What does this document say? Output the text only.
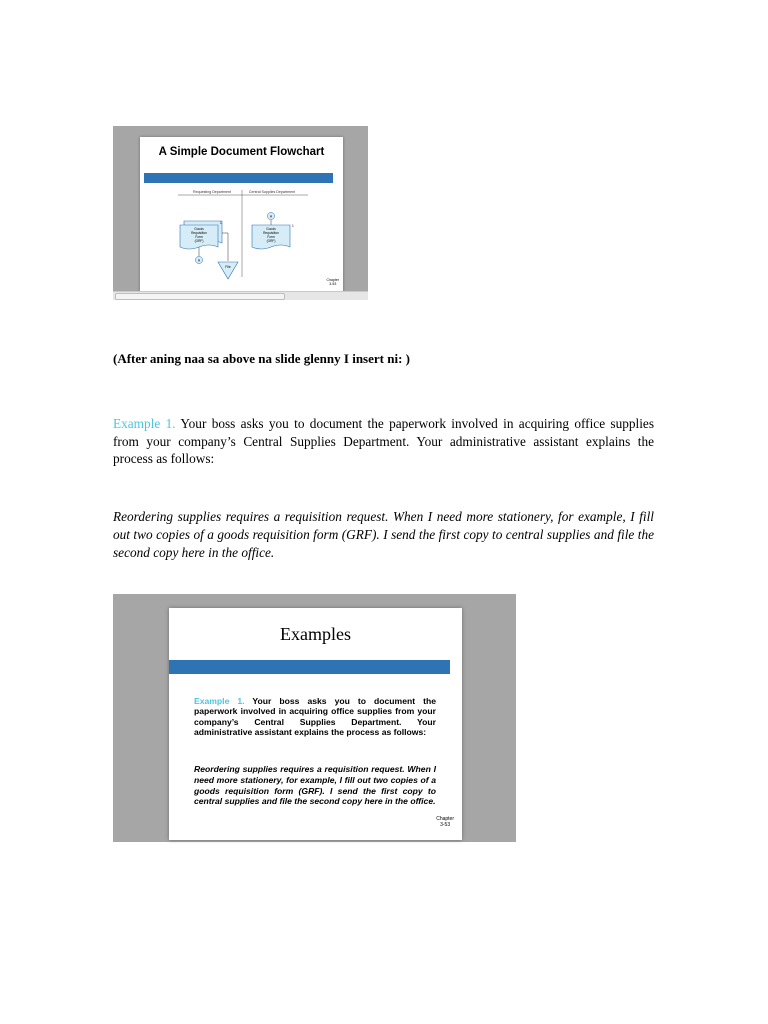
A Simple Document Flowchart
Requesting Department	Central Supplies Department
Goods
Requisition
Form
(GRF)
1
A
File
A
Goods
Requisition
Form
(GRF)
1
Chapter
3-53
(After aning naa sa above na slide glenny I insert ni: )
Example 1. Your boss asks you to document the paperwork involved in acquiring office supplies from your company’s Central Supplies Department. Your administrative assistant explains the process as follows:
Reordering supplies requires a requisition request. When I need more stationery, for example, I fill out two copies of a goods requisition form (GRF). I send the first copy to central supplies and file the second copy here in the office.
Examples
Example 1. Your boss asks you to document the paperwork involved in acquiring office supplies from your company’s Central Supplies Department. Your administrative assistant explains the process as follows:
Reordering supplies requires a requisition request. When I need more stationery, for example, I fill out two copies of a goods requisition form (GRF). I send the first copy to central supplies and file the second copy here in the office.
Chapter
3-53
